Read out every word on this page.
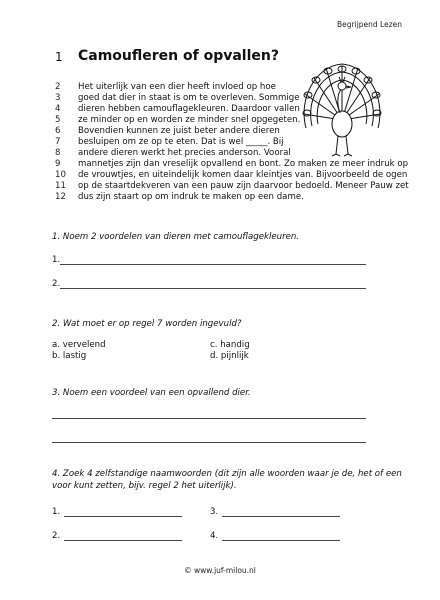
Begrijpend Lezen
1 Camoufleren of opvallen?
2	Het uiterlijk van een dier heeft invloed op hoe
3	goed dat dier in staat is om te overleven. Sommige
4	dieren hebben camouflagekleuren. Daardoor vallen
5	ze minder op en worden ze minder snel opgegeten.
6	Bovendien kunnen ze juist beter andere dieren
7	besluipen om ze op te eten. Dat is wel _____. Bij
8	andere dieren werkt het precies anderson. Vooral
9	mannetjes zijn dan vreselijk opvallend en bont. Zo maken ze meer indruk op
10	de vrouwtjes, en uiteindelijk komen daar kleintjes van. Bijvoorbeeld de ogen
11	op de staartdekveren van een pauw zijn daarvoor bedoeld. Meneer Pauw zet
12	dus zijn staart op om indruk te maken op een dame.
1. Noem 2 voordelen van dieren met camouflagekleuren.
1.
2.
2. Wat moet er op regel 7 worden ingevuld?
a. vervelend
b. lastig
c. handig
d. pijnlijk
3. Noem een voordeel van een opvallend dier.
4. Zoek 4 zelfstandige naamwoorden (dit zijn alle woorden waar je de, het of een
voor kunt zetten, bijv. regel 2 het uiterlijk).
1.	3.
2.	4.
© www.juf-milou.nl
